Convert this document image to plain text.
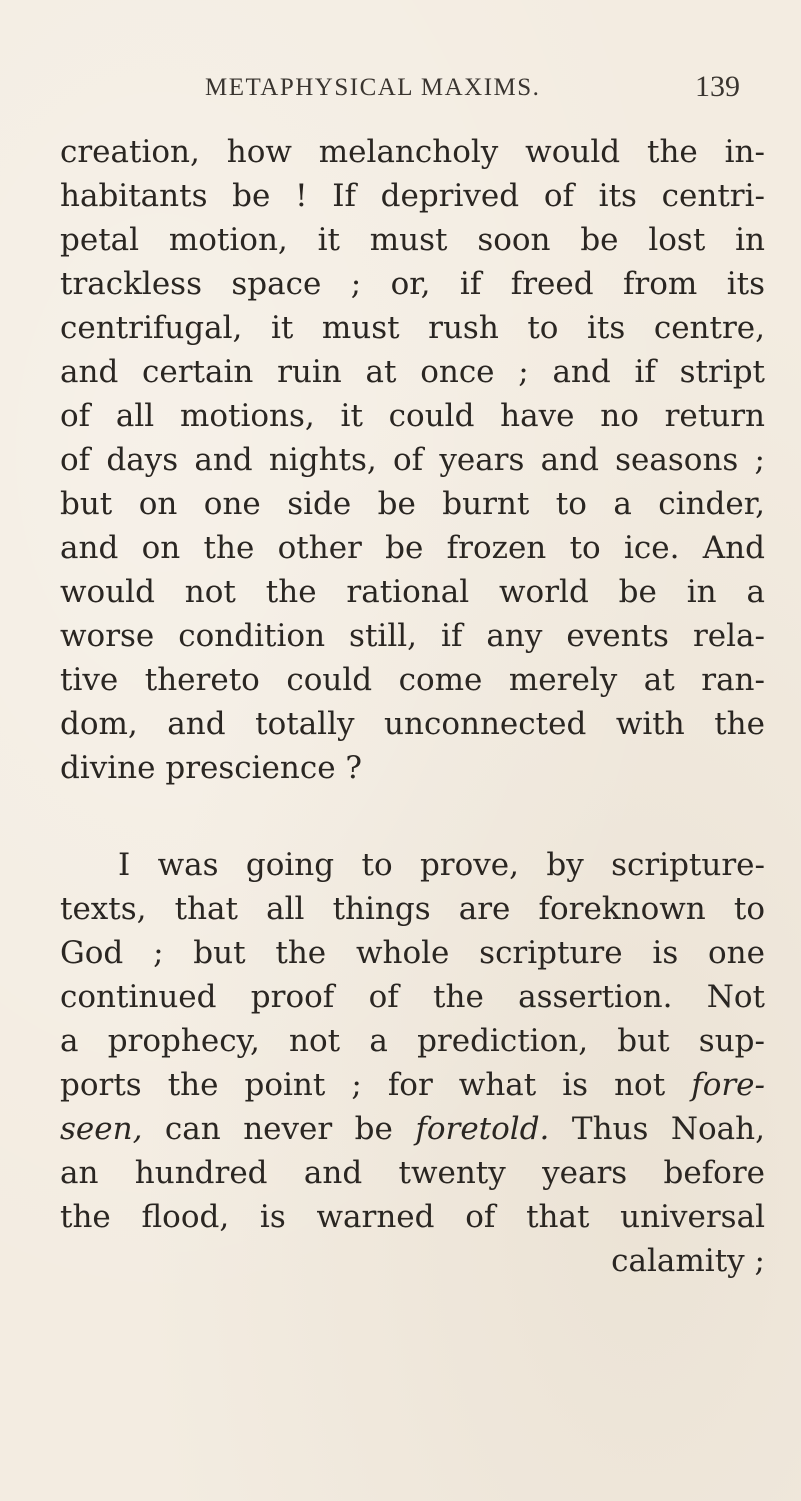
METAPHYSICAL MAXIMS.	139
creation, how melancholy would the in-
habitants be ! If deprived of its centri-
petal motion, it must soon be lost in
trackless space ; or, if freed from its
centrifugal, it must rush to its centre,
and certain ruin at once ; and if stript
of all motions, it could have no return
of days and nights, of years and seasons ;
but on one side be burnt to a cinder,
and on the other be frozen to ice. And
would not the rational world be in a
worse condition still, if any events rela-
tive thereto could come merely at ran-
dom, and totally unconnected with the
divine prescience ?
I was going to prove, by scripture-
texts, that all things are foreknown to
God ; but the whole scripture is one
continued proof of the assertion. Not
a prophecy, not a prediction, but sup-
ports the point ; for what is not fore-
seen, can never be foretold. Thus Noah,
an hundred and twenty years before
the flood, is warned of that universal
calamity ;
